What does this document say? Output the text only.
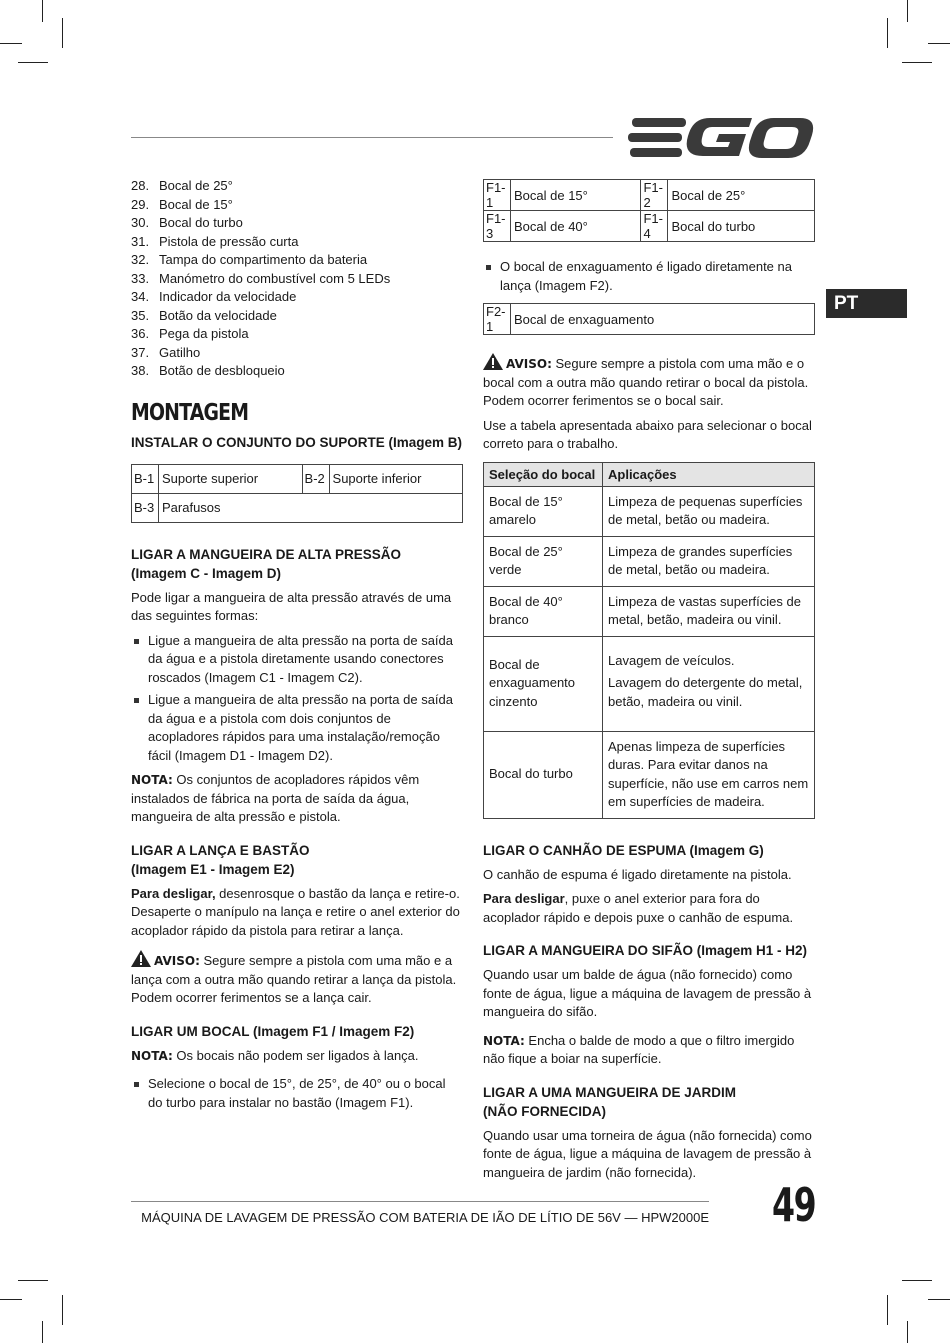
PT
28. Bocal de 25°
29. Bocal de 15°
30. Bocal do turbo
31. Pistola de pressão curta
32. Tampa do compartimento da bateria
33. Manómetro do combustível com 5 LEDs
34. Indicador da velocidade
35. Botão da velocidade
36. Pega da pistola
37. Gatilho
38. Botão de desbloqueio
MONTAGEM
INSTALAR O CONJUNTO DO SUPORTE (Imagem B)
B-1	Suporte superior	B-2	Suporte inferior
B-3	Parafusos		
LIGAR A MANGUEIRA DE ALTA PRESSÃO
(Imagem C - Imagem D)

Pode ligar a mangueira de alta pressão através de uma das seguintes formas:

Ligue a mangueira de alta pressão na porta de saída da água e a pistola diretamente usando conectores roscados (Imagem C1 - Imagem C2).
Ligue a mangueira de alta pressão na porta de saída da água e a pistola com dois conjuntos de acopladores rápidos para uma instalação/remoção fácil (Imagem D1 - Imagem D2).

NOTA: Os conjuntos de acopladores rápidos vêm instalados de fábrica na porta de saída da água, mangueira de alta pressão e pistola.

LIGAR A LANÇA E BASTÃO
(Imagem E1 - Imagem E2)

Para desligar, desenrosque o bastão da lança e retire-o. Desaperte o manípulo na lança e retire o anel exterior do acoplador rápido da pistola para retirar a lança.

AVISO: Segure sempre a pistola com uma mão e a lança com a outra mão quando retirar a lança da pistola. Podem ocorrer ferimentos se a lança cair.

LIGAR UM BOCAL (Imagem F1 / Imagem F2)

NOTA: Os bocais não podem ser ligados à lança.

Selecione o bocal de 15°, de 25°, de 40° ou o bocal do turbo para instalar no bastão (Imagem F1).
F1-1	Bocal de 15°	F1-2	Bocal de 25°
F1-3	Bocal de 40°	F1-4	Bocal do turbo
O bocal de enxaguamento é ligado diretamente na lança (Imagem F2).
F2-1	Bocal de enxaguamento

AVISO: Segure sempre a pistola com uma mão e o bocal com a outra mão quando retirar o bocal da pistola. Podem ocorrer ferimentos se o bocal sair.

Use a tabela apresentada abaixo para selecionar o bocal correto para o trabalho.

Seleção do bocal	Aplicações
Bocal de 15° amarelo	Limpeza de pequenas superfícies de metal, betão ou madeira.
Bocal de 25° verde	Limpeza de grandes superfícies de metal, betão ou madeira.
Bocal de 40° branco	Limpeza de vastas superfícies de metal, betão, madeira ou vinil.
Bocal de enxaguamento cinzento	Lavagem de veículos.

Lavagem do detergente do metal, betão, madeira ou vinil.

Bocal do turbo	Apenas limpeza de superfícies duras. Para evitar danos na superfície, não use em carros nem em superfícies de madeira.
LIGAR O CANHÃO DE ESPUMA (Imagem G)

O canhão de espuma é ligado diretamente na pistola.

Para desligar, puxe o anel exterior para fora do acoplador rápido e depois puxe o canhão de espuma.

LIGAR A MANGUEIRA DO SIFÃO (Imagem H1 - H2)

Quando usar um balde de água (não fornecido) como fonte de água, ligue a máquina de lavagem de pressão à mangueira do sifão.

NOTA: Encha o balde de modo a que o filtro imergido não fique a boiar na superfície.

LIGAR A UMA MANGUEIRA DE JARDIM
(NÃO FORNECIDA)

Quando usar uma torneira de água (não fornecida) como fonte de água, ligue a máquina de lavagem de pressão à mangueira de jardim (não fornecida).

MÁQUINA DE LAVAGEM DE PRESSÃO COM BATERIA DE IÃO DE LÍTIO DE 56V — HPW2000E 49
